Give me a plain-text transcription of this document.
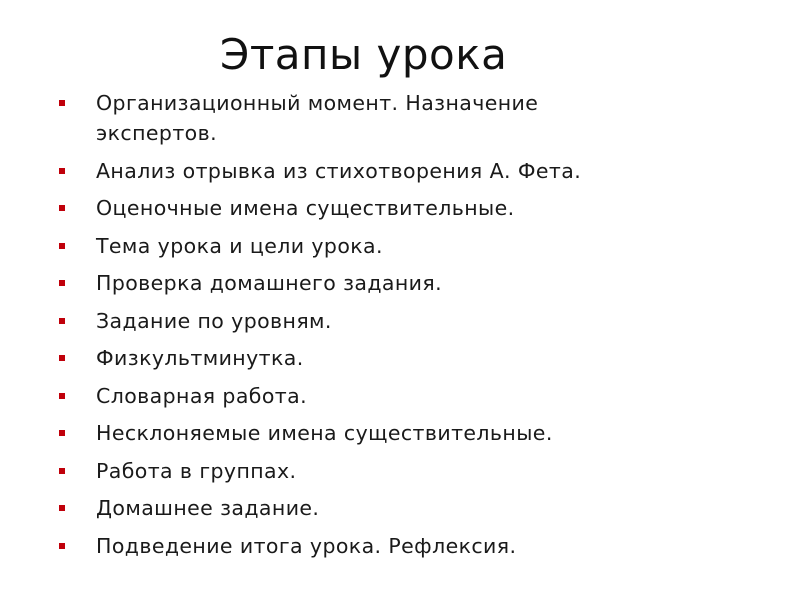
Этапы урока
Организационный момент. Назначение экспертов.
Анализ отрывка из стихотворения А. Фета.
Оценочные имена существительные.
Тема урока и цели урока.
Проверка домашнего задания.
Задание по уровням.
Физкультминутка.
Словарная работа.
Несклоняемые имена существительные.
Работа в группах.
Домашнее задание.
Подведение итога урока. Рефлексия.
